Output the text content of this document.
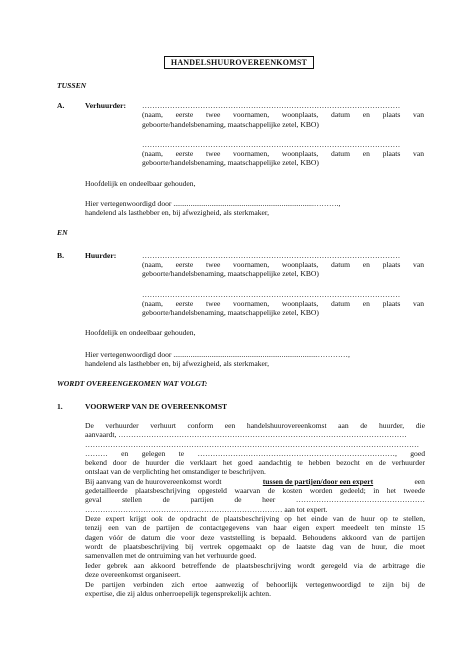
HANDELSHUUROVEREENKOMST
TUSSEN
A.	Verhuurder: …………………………………………………………………………………………
(naam, eerste twee voornamen, woonplaats, datum en plaats van
geboorte/handelsbenaming, maatschappelijke zetel, KBO)
…………………………………………………………………………………………
(naam, eerste twee voornamen, woonplaats, datum en plaats van
geboorte/handelsbenaming, maatschappelijke zetel, KBO)
Hoofdelijk en ondeelbaar gehouden,
Hier vertegenwoordigd door ..........................................................................……….,
handelend als lasthebber en, bij afwezigheid, als sterkmaker,
EN
B.	Huurder:	…………………………………………………………………………………………
(naam, eerste twee voornamen, woonplaats, datum en plaats van
geboorte/handelsbenaming, maatschappelijke zetel, KBO)
…………………………………………………………………………………………
(naam, eerste twee voornamen, woonplaats, datum en plaats van
geboorte/handelsbenaming, maatschappelijke zetel, KBO)
Hoofdelijk en ondeelbaar gehouden,
Hier vertegenwoordigd door ............................................................................…………,
handelend als lasthebber en, bij afwezigheid, als sterkmaker,
WORDT OVEREENGEKOMEN WAT VOLGT:
1.	VOORWERP VAN DE OVEREENKOMST
De verhuurder verhuurt conform een handelshuurovereenkomst aan de huurder, die
aanvaardt, ……………………………………………………………………………………………………
……………………………………………………………………………………………………………………
……… en gelegen te ……………………………………………………………………, goed
bekend door de huurder die verklaart het goed aandachtig te hebben bezocht en de verhuurder
ontslaat van de verplichting het omstandiger te beschrijven.
Bij aanvang van de huurovereenkomst wordt	tussen de partijen/door een expert	een
gedetailleerde plaatsbeschrijving opgesteld waarvan de kosten worden gedeeld; in het tweede
geval stellen de partijen de heer ……………………………………………
…………………………………………………………………… aan tot expert.
Deze expert krijgt ook de opdracht de plaatsbeschrijving op het einde van de huur op te stellen,
tenzij een van de partijen de contactgegevens van haar eigen expert meedeelt ten minste 15
dagen vóór de datum die voor deze vaststelling is bepaald. Behoudens akkoord van de partijen
wordt de plaatsbeschrijving bij vertrek opgemaakt op de laatste dag van de huur, die moet
samenvallen met de ontruiming van het verhuurde goed.
Ieder gebrek aan akkoord betreffende de plaatsbeschrijving wordt geregeld via de arbitrage die
deze overeenkomst organiseert.
De partijen verbinden zich ertoe aanwezig of behoorlijk vertegenwoordigd te zijn bij de
expertise, die zij aldus onherroepelijk tegensprekelijk achten.
